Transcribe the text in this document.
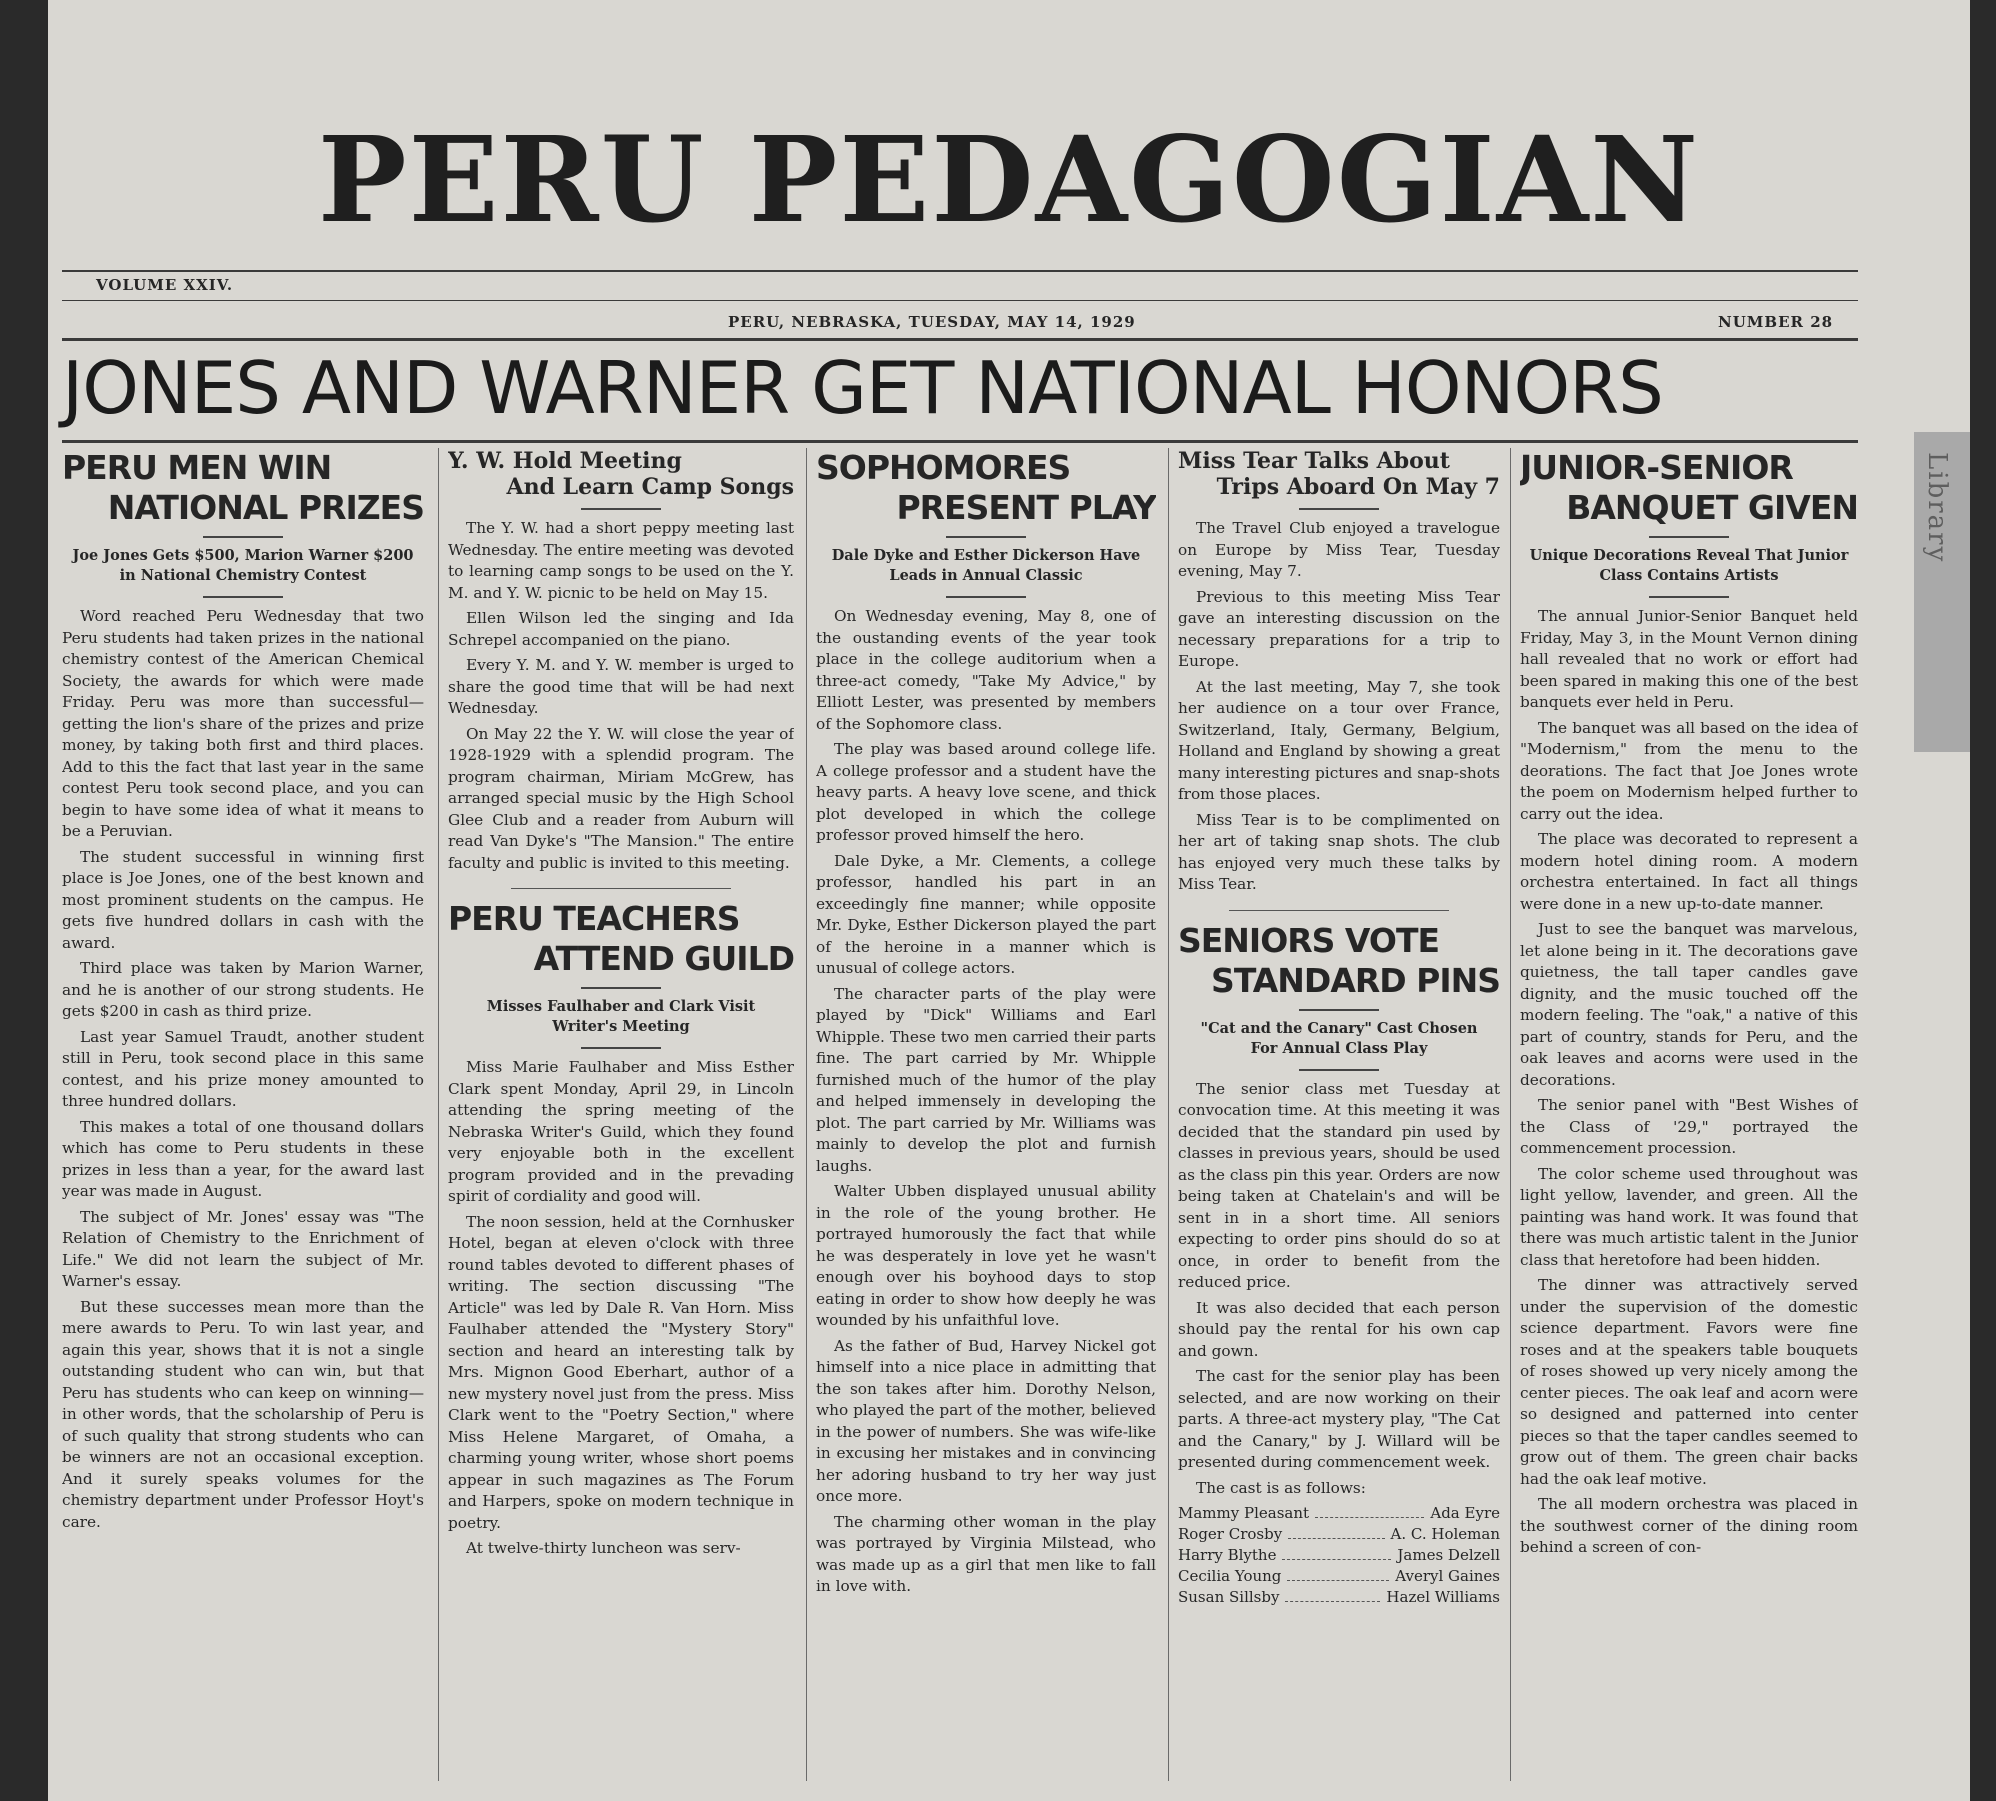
PERU PEDAGOGIAN
VOLUME XXIV.
PERU, NEBRASKA, TUESDAY, MAY 14, 1929	NUMBER 28
JONES AND WARNER GET NATIONAL HONORS
Library
PERU MEN WIN
NATIONAL PRIZES
Joe Jones Gets $500, Marion Warner $200 in National Chemistry Contest

Word reached Peru Wednesday that two Peru students had taken prizes in the national chemistry contest of the American Chemical Society, the awards for which were made Friday. Peru was more than successful—getting the lion's share of the prizes and prize money, by taking both first and third places. Add to this the fact that last year in the same contest Peru took second place, and you can begin to have some idea of what it means to be a Peruvian.

The student successful in winning first place is Joe Jones, one of the best known and most prominent students on the campus. He gets five hundred dollars in cash with the award.

Third place was taken by Marion Warner, and he is another of our strong students. He gets $200 in cash as third prize.

Last year Samuel Traudt, another student still in Peru, took second place in this same contest, and his prize money amounted to three hundred dollars.

This makes a total of one thousand dollars which has come to Peru students in these prizes in less than a year, for the award last year was made in August.

The subject of Mr. Jones' essay was "The Relation of Chemistry to the Enrichment of Life." We did not learn the subject of Mr. Warner's essay.

But these successes mean more than the mere awards to Peru. To win last year, and again this year, shows that it is not a single outstanding student who can win, but that Peru has students who can keep on winning—in other words, that the scholarship of Peru is of such quality that strong students who can be winners are not an occasional exception. And it surely speaks volumes for the chemistry department under Professor Hoyt's care.

Y. W. Hold Meeting
And Learn Camp Songs

The Y. W. had a short peppy meeting last Wednesday. The entire meeting was devoted to learning camp songs to be used on the Y. M. and Y. W. picnic to be held on May 15.

Ellen Wilson led the singing and Ida Schrepel accompanied on the piano.

Every Y. M. and Y. W. member is urged to share the good time that will be had next Wednesday.

On May 22 the Y. W. will close the year of 1928-1929 with a splendid program. The program chairman, Miriam McGrew, has arranged special music by the High School Glee Club and a reader from Auburn will read Van Dyke's "The Mansion." The entire faculty and public is invited to this meeting.

PERU TEACHERS
ATTEND GUILD
Misses Faulhaber and Clark Visit Writer's Meeting

Miss Marie Faulhaber and Miss Esther Clark spent Monday, April 29, in Lincoln attending the spring meeting of the Nebraska Writer's Guild, which they found very enjoyable both in the excellent program provided and in the prevading spirit of cordiality and good will.

The noon session, held at the Cornhusker Hotel, began at eleven o'clock with three round tables devoted to different phases of writing. The section discussing "The Article" was led by Dale R. Van Horn. Miss Faulhaber attended the "Mystery Story" section and heard an interesting talk by Mrs. Mignon Good Eberhart, author of a new mystery novel just from the press. Miss Clark went to the "Poetry Section," where Miss Helene Margaret, of Omaha, a charming young writer, whose short poems appear in such magazines as The Forum and Harpers, spoke on modern technique in poetry.

At twelve-thirty luncheon was serv-

SOPHOMORES
PRESENT PLAY
Dale Dyke and Esther Dickerson Have Leads in Annual Classic

On Wednesday evening, May 8, one of the oustanding events of the year took place in the college auditorium when a three-act comedy, "Take My Advice," by Elliott Lester, was presented by members of the Sophomore class.

The play was based around college life. A college professor and a student have the heavy parts. A heavy love scene, and thick plot developed in which the college professor proved himself the hero.

Dale Dyke, a Mr. Clements, a college professor, handled his part in an exceedingly fine manner; while opposite Mr. Dyke, Esther Dickerson played the part of the heroine in a manner which is unusual of college actors.

The character parts of the play were played by "Dick" Williams and Earl Whipple. These two men carried their parts fine. The part carried by Mr. Whipple furnished much of the humor of the play and helped immensely in developing the plot. The part carried by Mr. Williams was mainly to develop the plot and furnish laughs.

Walter Ubben displayed unusual ability in the role of the young brother. He portrayed humorously the fact that while he was desperately in love yet he wasn't enough over his boyhood days to stop eating in order to show how deeply he was wounded by his unfaithful love.

As the father of Bud, Harvey Nickel got himself into a nice place in admitting that the son takes after him. Dorothy Nelson, who played the part of the mother, believed in the power of numbers. She was wife-like in excusing her mistakes and in convincing her adoring husband to try her way just once more.

The charming other woman in the play was portrayed by Virginia Milstead, who was made up as a girl that men like to fall in love with.

Miss Tear Talks About
Trips Aboard On May 7

The Travel Club enjoyed a travelogue on Europe by Miss Tear, Tuesday evening, May 7.

Previous to this meeting Miss Tear gave an interesting discussion on the necessary preparations for a trip to Europe.

At the last meeting, May 7, she took her audience on a tour over France, Switzerland, Italy, Germany, Belgium, Holland and England by showing a great many interesting pictures and snap-shots from those places.

Miss Tear is to be complimented on her art of taking snap shots. The club has enjoyed very much these talks by Miss Tear.

SENIORS VOTE
STANDARD PINS
"Cat and the Canary" Cast Chosen For Annual Class Play

The senior class met Tuesday at convocation time. At this meeting it was decided that the standard pin used by classes in previous years, should be used as the class pin this year. Orders are now being taken at Chatelain's and will be sent in in a short time. All seniors expecting to order pins should do so at once, in order to benefit from the reduced price.

It was also decided that each person should pay the rental for his own cap and gown.

The cast for the senior play has been selected, and are now working on their parts. A three-act mystery play, "The Cat and the Canary," by J. Willard will be presented during commencement week.

The cast is as follows:

Mammy Pleasant	Ada Eyre
Roger Crosby	A. C. Holeman
Harry Blythe	James Delzell
Cecilia Young	Averyl Gaines
Susan Sillsby	Hazel Williams
JUNIOR-SENIOR
BANQUET GIVEN
Unique Decorations Reveal That Junior Class Contains Artists

The annual Junior-Senior Banquet held Friday, May 3, in the Mount Vernon dining hall revealed that no work or effort had been spared in making this one of the best banquets ever held in Peru.

The banquet was all based on the idea of "Modernism," from the menu to the deorations. The fact that Joe Jones wrote the poem on Modernism helped further to carry out the idea.

The place was decorated to represent a modern hotel dining room. A modern orchestra entertained. In fact all things were done in a new up-to-date manner.

Just to see the banquet was marvelous, let alone being in it. The decorations gave quietness, the tall taper candles gave dignity, and the music touched off the modern feeling. The "oak," a native of this part of country, stands for Peru, and the oak leaves and acorns were used in the decorations.

The senior panel with "Best Wishes of the Class of '29," portrayed the commencement procession.

The color scheme used throughout was light yellow, lavender, and green. All the painting was hand work. It was found that there was much artistic talent in the Junior class that heretofore had been hidden.

The dinner was attractively served under the supervision of the domestic science department. Favors were fine roses and at the speakers table bouquets of roses showed up very nicely among the center pieces. The oak leaf and acorn were so designed and patterned into center pieces so that the taper candles seemed to grow out of them. The green chair backs had the oak leaf motive.

The all modern orchestra was placed in the southwest corner of the dining room behind a screen of con-
